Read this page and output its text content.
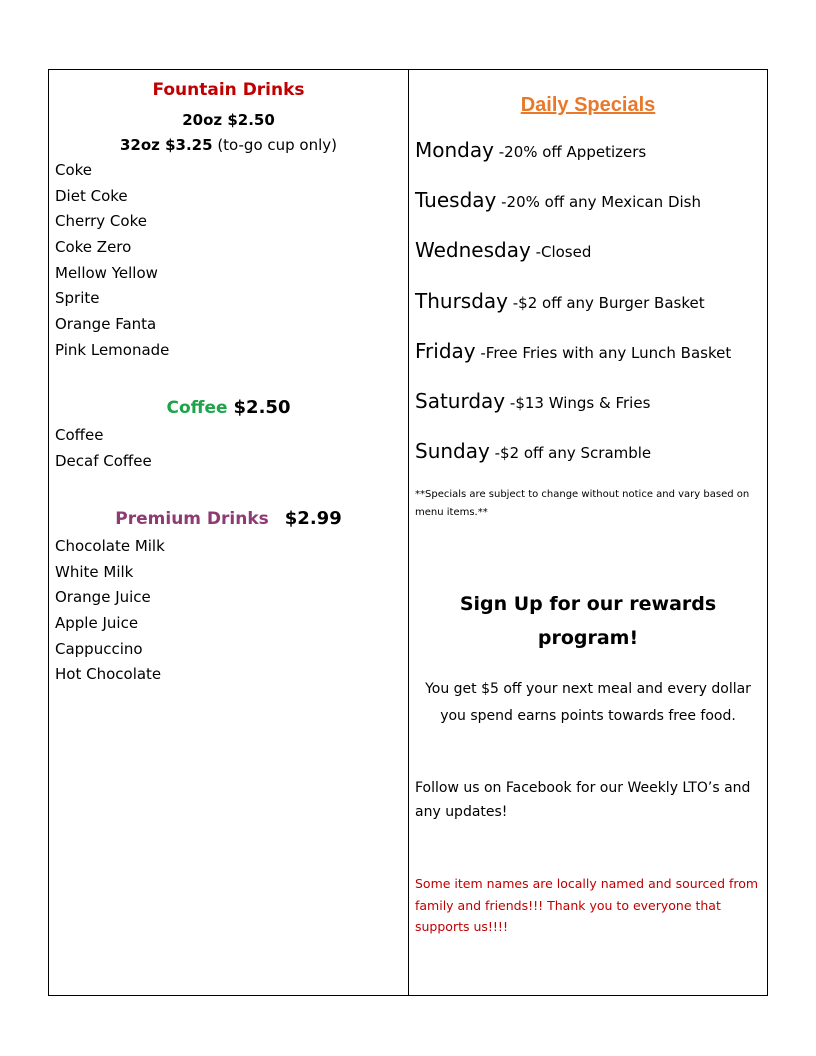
Fountain Drinks
20oz $2.50
32oz $3.25 (to-go cup only)
Coke
Diet Coke
Cherry Coke
Coke Zero
Mellow Yellow
Sprite
Orange Fanta
Pink Lemonade
Coffee $2.50
Coffee
Decaf Coffee
Premium Drinks $2.99
Chocolate Milk
White Milk
Orange Juice
Apple Juice
Cappuccino
Hot Chocolate
Daily Specials
Monday -20% off Appetizers
Tuesday -20% off any Mexican Dish
Wednesday -Closed
Thursday -$2 off any Burger Basket
Friday -Free Fries with any Lunch Basket
Saturday -$13 Wings & Fries
Sunday -$2 off any Scramble
**Specials are subject to change without notice and vary based on menu items.**
Sign Up for our rewards program!
You get $5 off your next meal and every dollar you spend earns points towards free food.
Follow us on Facebook for our Weekly LTO’s and any updates!
Some item names are locally named and sourced from family and friends!!! Thank you to everyone that supports us!!!!
